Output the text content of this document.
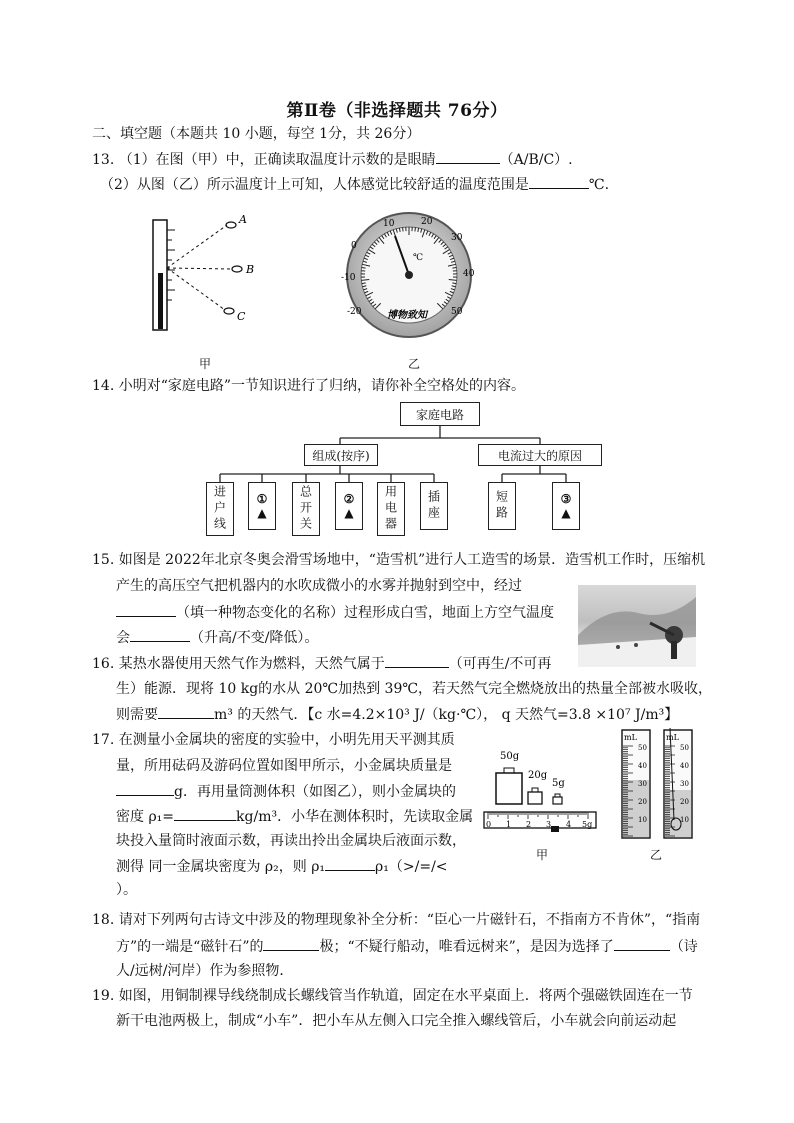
第Ⅱ卷（非选择题共 76分）
二、填空题（本题共 10 小题，每空 1分，共 26分）
13. （1）在图（甲）中，正确读取温度计示数的是眼睛	（A/B/C）.
（2）从图（乙）所示温度计上可知，人体感觉比较舒适的温度范围是	℃.
A
B
C
甲
-20
-10
0
10	20
30
40
50
℃
博物致知
乙
14. 小明对“家庭电路”一节知识进行了归纳，请你补全空格处的内容。
家庭电路
组成(按序)	电流过大的原因
进户线	①
▲	总开关	②
▲	用电器	插座	短路	③
▲
15. 如图是 2022年北京冬奥会滑雪场地中，“造雪机”进行人工造雪的场景．造雪机工作时，压缩机
产生的高压空气把机器内的水吹成微小的水雾并抛射到空中，经过
（填一种物态变化的名称）过程形成白雪，地面上方空气温度
会	（升高/不变/降低）。
16. 某热水器使用天然气作为燃料，天然气属于	（可再生/不可再
生）能源．现将 10 kg的水从 20℃加热到 39℃，若天然气完全燃烧放出的热量全部被水吸收，
则需要	m³ 的天然气．【c 水=4.2×10³ J/（kg·℃）， q 天然气=3.8 ×10⁷ J/m³】
17. 在测量小金属块的密度的实验中，小明先用天平测其质
量，所用砝码及游码位置如图甲所示，小金属块质量是
g．再用量筒测体积（如图乙），则小金属块的
密度 ρ₁=	kg/m³．小华在测体积时，先读取金属
块投入量筒时液面示数，再读出拎出金属块后液面示数，
测得 同一金属块密度为 ρ₂，则 ρ₁	ρ₁（>/=/<
）。
50g
20g
5g
0 1 2 3 4 5g
甲
mL
50
40
30
20
10
mL
50
40
30
20
10
乙
18. 请对下列两句古诗文中涉及的物理现象补全分析：“臣心一片磁针石，不指南方不肯休”，“指南
方”的一端是“磁针石”的	极；“不疑行船动，唯看远树来”，是因为选择了	（诗
人/远树/河岸）作为参照物．
19. 如图，用铜制裸导线绕制成长螺线管当作轨道，固定在水平桌面上．将两个强磁铁固连在一节
新干电池两极上，制成“小车”．把小车从左侧入口完全推入螺线管后，小车就会向前运动起
